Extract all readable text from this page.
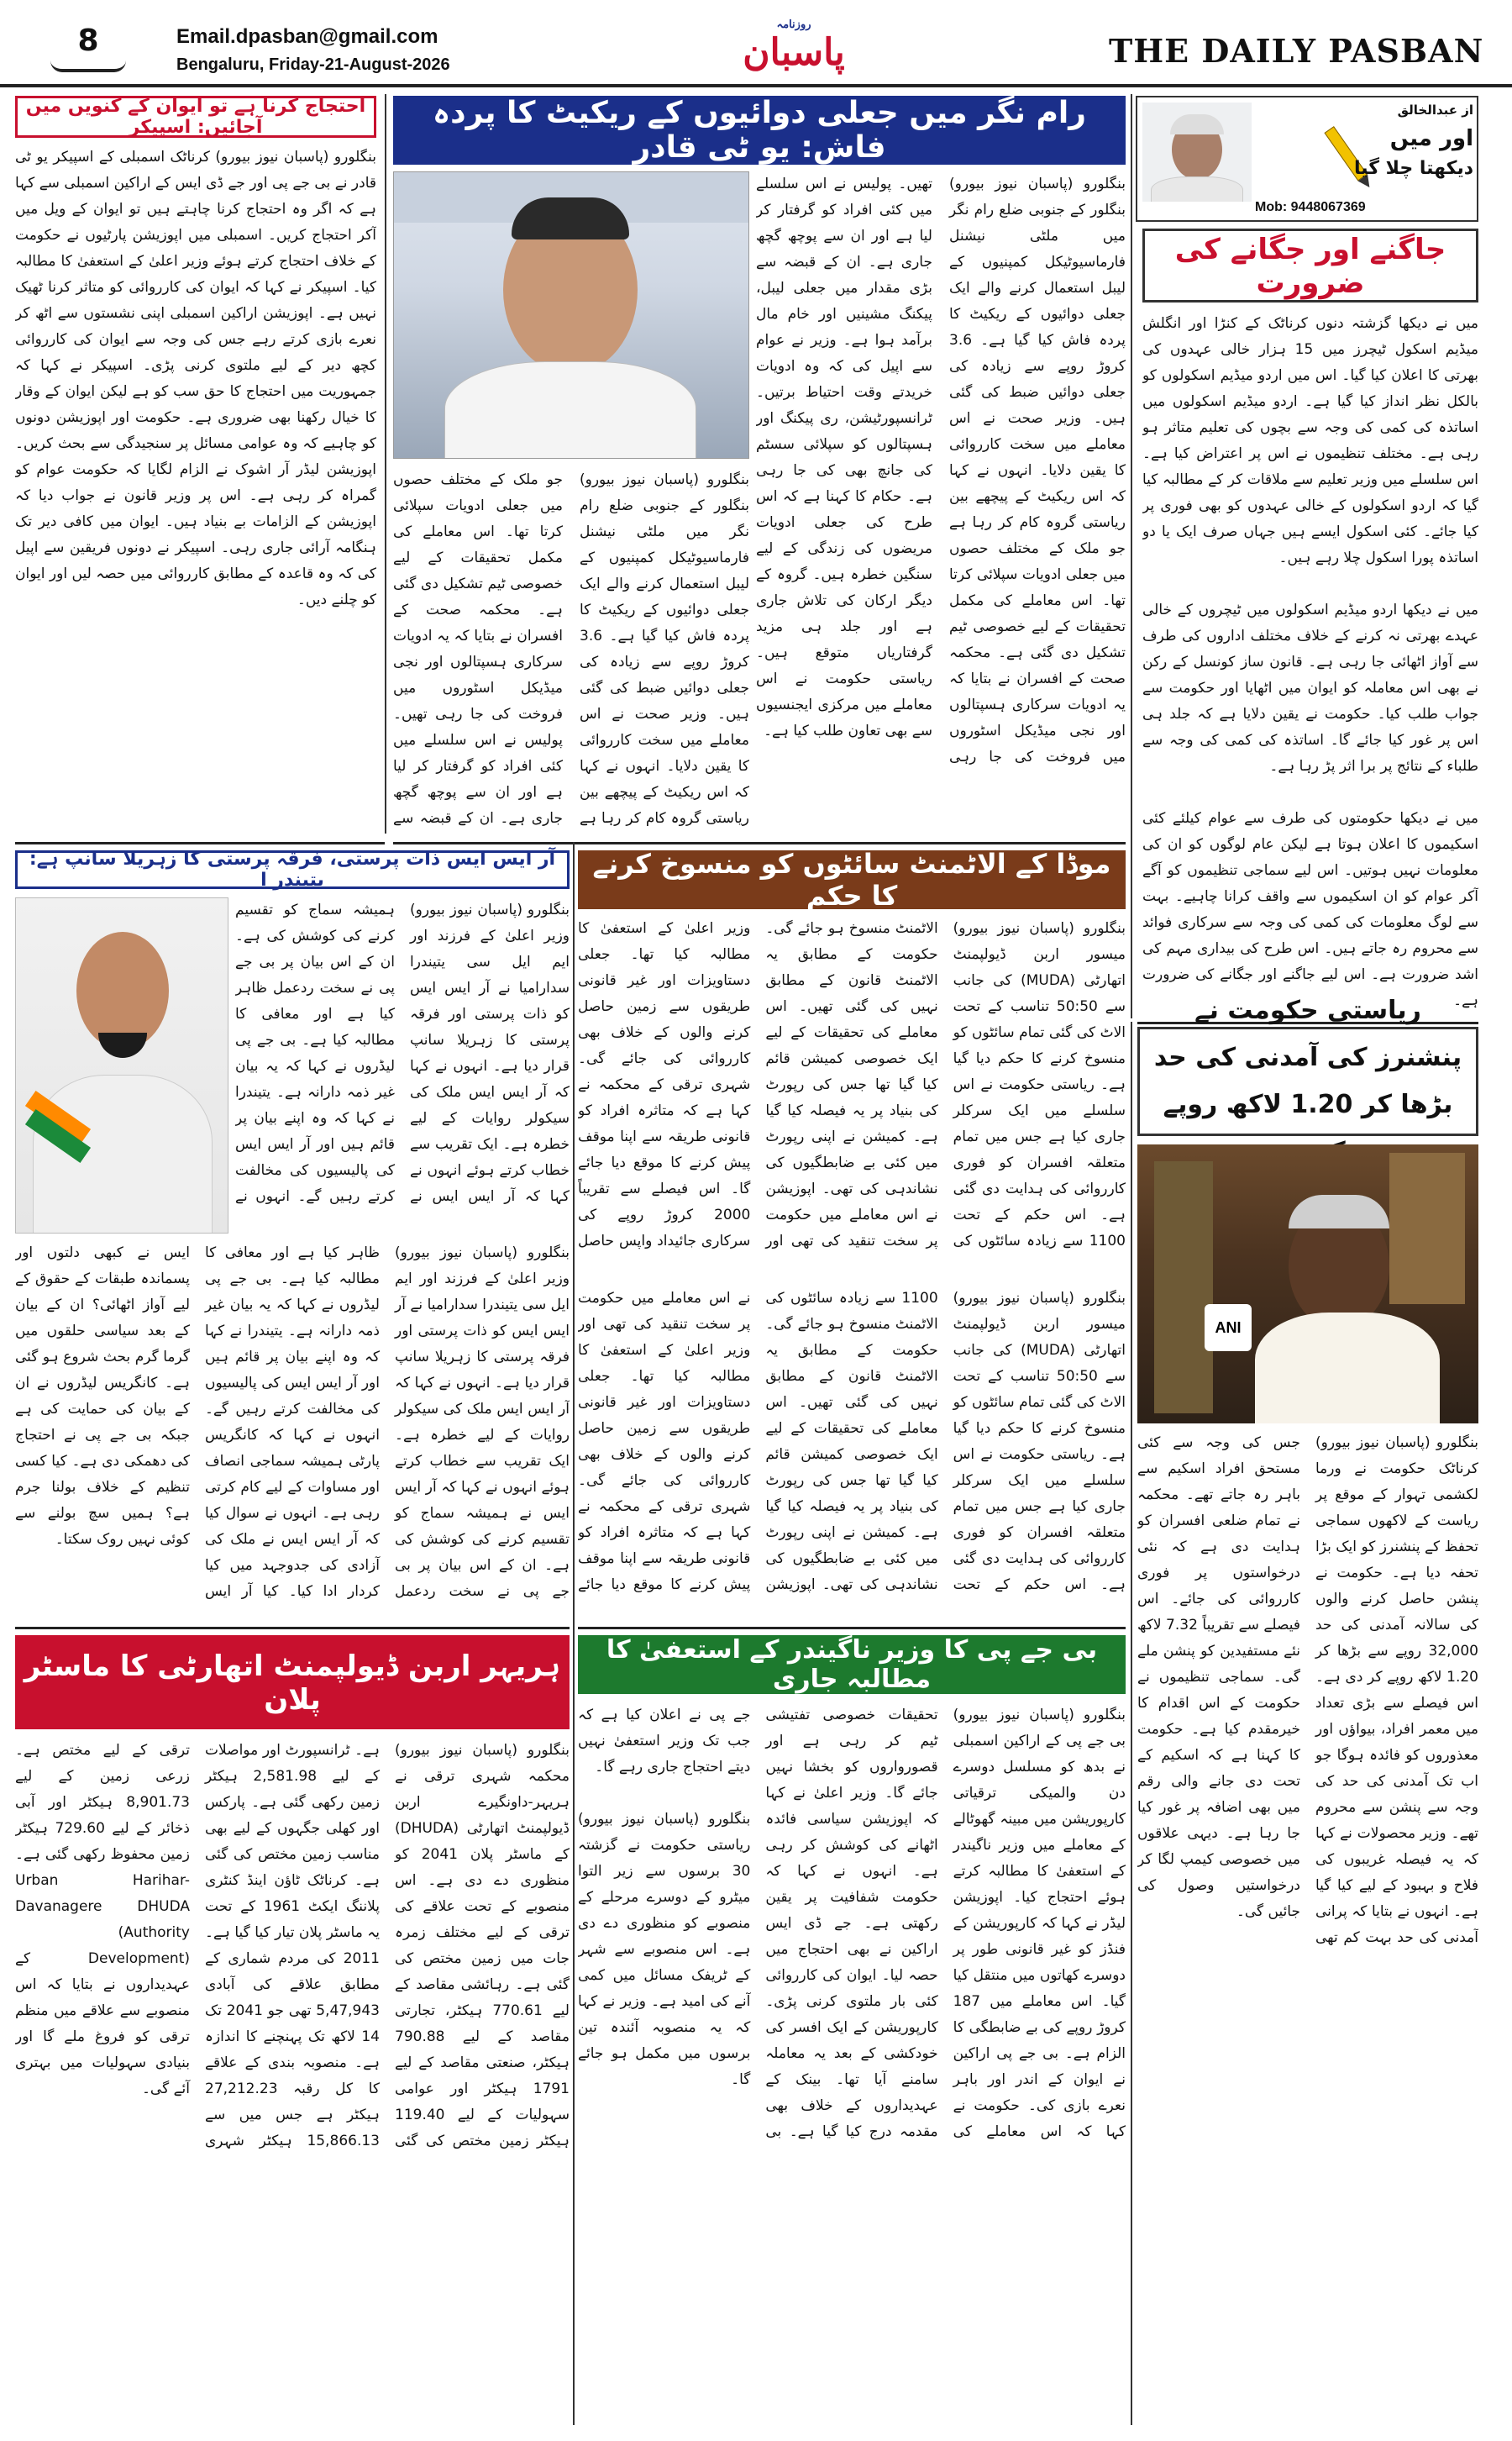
8	Email.dpasban@gmail.com
Bengaluru, Friday-21-August-2026
روزنامہ
پاسبان	THE DAILY PASBAN
از عبدالخالق
اور میں
دیکھتا چلا گیا
Mob: 9448067369
احتجاج کرنا ہے تو ایوان کے کنویں میں آجائیں: اسپیکر
بنگلورو (پاسبان نیوز بیورو) کرناٹک اسمبلی کے اسپیکر یو ٹی قادر نے بی جے پی اور جے ڈی ایس کے اراکین اسمبلی سے کہا ہے کہ اگر وہ احتجاج کرنا چاہتے ہیں تو ایوان کے ویل میں آکر احتجاج کریں۔ اسمبلی میں اپوزیشن پارٹیوں نے حکومت کے خلاف احتجاج کرتے ہوئے وزیر اعلیٰ کے استعفیٰ کا مطالبہ کیا۔ اسپیکر نے کہا کہ ایوان کی کارروائی کو متاثر کرنا ٹھیک نہیں ہے۔ اپوزیشن اراکین اسمبلی اپنی نشستوں سے اٹھ کر نعرے بازی کرتے رہے جس کی وجہ سے ایوان کی کارروائی کچھ دیر کے لیے ملتوی کرنی پڑی۔ اسپیکر نے کہا کہ جمہوریت میں احتجاج کا حق سب کو ہے لیکن ایوان کے وقار کا خیال رکھنا بھی ضروری ہے۔ حکومت اور اپوزیشن دونوں کو چاہیے کہ وہ عوامی مسائل پر سنجیدگی سے بحث کریں۔ اپوزیشن لیڈر آر اشوک نے الزام لگایا کہ حکومت عوام کو گمراہ کر رہی ہے۔ اس پر وزیر قانون نے جواب دیا کہ اپوزیشن کے الزامات بے بنیاد ہیں۔ ایوان میں کافی دیر تک ہنگامہ آرائی جاری رہی۔ اسپیکر نے دونوں فریقین سے اپیل کی کہ وہ قاعدہ کے مطابق کارروائی میں حصہ لیں اور ایوان کو چلنے دیں۔
رام نگر میں جعلی دوائیوں کے ریکیٹ کا پردہ فاش: یو ٹی قادر
بنگلورو (پاسبان نیوز بیورو) بنگلور کے جنوبی ضلع رام نگر میں ملٹی نیشنل فارماسیوٹیکل کمپنیوں کے لیبل استعمال کرنے والے ایک جعلی دوائیوں کے ریکیٹ کا پردہ فاش کیا گیا ہے۔ 3.6 کروڑ روپے سے زیادہ کی جعلی دوائیں ضبط کی گئی ہیں۔ وزیر صحت نے اس معاملے میں سخت کارروائی کا یقین دلایا۔ انہوں نے کہا کہ اس ریکیٹ کے پیچھے بین ریاستی گروہ کام کر رہا ہے جو ملک کے مختلف حصوں میں جعلی ادویات سپلائی کرتا تھا۔ اس معاملے کی مکمل تحقیقات کے لیے خصوصی ٹیم تشکیل دی گئی ہے۔ محکمہ صحت کے افسران نے بتایا کہ یہ ادویات سرکاری ہسپتالوں اور نجی میڈیکل اسٹوروں میں فروخت کی جا رہی تھیں۔ پولیس نے اس سلسلے میں کئی افراد کو گرفتار کر لیا ہے اور ان سے پوچھ گچھ جاری ہے۔ ان کے قبضہ سے بڑی مقدار میں جعلی لیبل، پیکنگ مشینیں اور خام مال برآمد ہوا ہے۔ وزیر نے عوام سے اپیل کی کہ وہ ادویات خریدتے وقت احتیاط برتیں۔ ٹرانسپورٹیشن، ری پیکنگ اور ہسپتالوں کو سپلائی سسٹم کی جانچ بھی کی جا رہی ہے۔ حکام کا کہنا ہے کہ اس طرح کی جعلی ادویات مریضوں کی زندگی کے لیے سنگین خطرہ ہیں۔ گروہ کے دیگر ارکان کی تلاش جاری ہے اور جلد ہی مزید گرفتاریاں متوقع ہیں۔ ریاستی حکومت نے اس معاملے میں مرکزی ایجنسیوں سے بھی تعاون طلب کیا ہے۔
بنگلورو (پاسبان نیوز بیورو) بنگلور کے جنوبی ضلع رام نگر میں ملٹی نیشنل فارماسیوٹیکل کمپنیوں کے لیبل استعمال کرنے والے ایک جعلی دوائیوں کے ریکیٹ کا پردہ فاش کیا گیا ہے۔ 3.6 کروڑ روپے سے زیادہ کی جعلی دوائیں ضبط کی گئی ہیں۔ وزیر صحت نے اس معاملے میں سخت کارروائی کا یقین دلایا۔ انہوں نے کہا کہ اس ریکیٹ کے پیچھے بین ریاستی گروہ کام کر رہا ہے جو ملک کے مختلف حصوں میں جعلی ادویات سپلائی کرتا تھا۔ اس معاملے کی مکمل تحقیقات کے لیے خصوصی ٹیم تشکیل دی گئی ہے۔ محکمہ صحت کے افسران نے بتایا کہ یہ ادویات سرکاری ہسپتالوں اور نجی میڈیکل اسٹوروں میں فروخت کی جا رہی تھیں۔ پولیس نے اس سلسلے میں کئی افراد کو گرفتار کر لیا ہے اور ان سے پوچھ گچھ جاری ہے۔ ان کے قبضہ سے
جاگنے اور جگانے کی ضرورت
میں نے دیکھا گزشتہ دنوں کرناٹک کے کنڑا اور انگلش میڈیم اسکول ٹیچرز میں 15 ہزار خالی عہدوں کی بھرتی کا اعلان کیا گیا۔ اس میں اردو میڈیم اسکولوں کو بالکل نظر انداز کیا گیا ہے۔ اردو میڈیم اسکولوں میں اساتذہ کی کمی کی وجہ سے بچوں کی تعلیم متاثر ہو رہی ہے۔ مختلف تنظیموں نے اس پر اعتراض کیا ہے۔ اس سلسلے میں وزیر تعلیم سے ملاقات کر کے مطالبہ کیا گیا کہ اردو اسکولوں کے خالی عہدوں کو بھی فوری پر کیا جائے۔ کئی اسکول ایسے ہیں جہاں صرف ایک یا دو اساتذہ پورا اسکول چلا رہے ہیں۔

میں نے دیکھا اردو میڈیم اسکولوں میں ٹیچروں کے خالی عہدے بھرتی نہ کرنے کے خلاف مختلف اداروں کی طرف سے آواز اٹھائی جا رہی ہے۔ قانون ساز کونسل کے رکن نے بھی اس معاملہ کو ایوان میں اٹھایا اور حکومت سے جواب طلب کیا۔ حکومت نے یقین دلایا ہے کہ جلد ہی اس پر غور کیا جائے گا۔ اساتذہ کی کمی کی وجہ سے طلباء کے نتائج پر برا اثر پڑ رہا ہے۔

میں نے دیکھا حکومتوں کی طرف سے عوام کیلئے کئی اسکیموں کا اعلان ہوتا ہے لیکن عام لوگوں کو ان کی معلومات نہیں ہوتیں۔ اس لیے سماجی تنظیموں کو آگے آکر عوام کو ان اسکیموں سے واقف کرانا چاہیے۔ بہت سے لوگ معلومات کی کمی کی وجہ سے سرکاری فوائد سے محروم رہ جاتے ہیں۔ اس طرح کی بیداری مہم کی اشد ضرورت ہے۔ اس لیے جاگنے اور جگانے کی ضرورت ہے۔
موڈا کے الاٹمنٹ سائٹوں کو منسوخ کرنے کا حکم
بنگلورو (پاسبان نیوز بیورو) میسور اربن ڈیولپمنٹ اتھارٹی (MUDA) کی جانب سے 50:50 تناسب کے تحت الاٹ کی گئی تمام سائٹوں کو منسوخ کرنے کا حکم دیا گیا ہے۔ ریاستی حکومت نے اس سلسلے میں ایک سرکلر جاری کیا ہے جس میں تمام متعلقہ افسران کو فوری کارروائی کی ہدایت دی گئی ہے۔ اس حکم کے تحت 1100 سے زیادہ سائٹوں کی الاٹمنٹ منسوخ ہو جائے گی۔ حکومت کے مطابق یہ الاٹمنٹ قانون کے مطابق نہیں کی گئی تھیں۔ اس معاملے کی تحقیقات کے لیے ایک خصوصی کمیشن قائم کیا گیا تھا جس کی رپورٹ کی بنیاد پر یہ فیصلہ کیا گیا ہے۔ کمیشن نے اپنی رپورٹ میں کئی بے ضابطگیوں کی نشاندہی کی تھی۔ اپوزیشن نے اس معاملے میں حکومت پر سخت تنقید کی تھی اور وزیر اعلیٰ کے استعفیٰ کا مطالبہ کیا تھا۔ جعلی دستاویزات اور غیر قانونی طریقوں سے زمین حاصل کرنے والوں کے خلاف بھی کارروائی کی جائے گی۔ شہری ترقی کے محکمہ نے کہا ہے کہ متاثرہ افراد کو قانونی طریقہ سے اپنا موقف پیش کرنے کا موقع دیا جائے گا۔ اس فیصلے سے تقریباً 2000 کروڑ روپے کی سرکاری جائیداد واپس حاصل
بنگلورو (پاسبان نیوز بیورو) میسور اربن ڈیولپمنٹ اتھارٹی (MUDA) کی جانب سے 50:50 تناسب کے تحت الاٹ کی گئی تمام سائٹوں کو منسوخ کرنے کا حکم دیا گیا ہے۔ ریاستی حکومت نے اس سلسلے میں ایک سرکلر جاری کیا ہے جس میں تمام متعلقہ افسران کو فوری کارروائی کی ہدایت دی گئی ہے۔ اس حکم کے تحت 1100 سے زیادہ سائٹوں کی الاٹمنٹ منسوخ ہو جائے گی۔ حکومت کے مطابق یہ الاٹمنٹ قانون کے مطابق نہیں کی گئی تھیں۔ اس معاملے کی تحقیقات کے لیے ایک خصوصی کمیشن قائم کیا گیا تھا جس کی رپورٹ کی بنیاد پر یہ فیصلہ کیا گیا ہے۔ کمیشن نے اپنی رپورٹ میں کئی بے ضابطگیوں کی نشاندہی کی تھی۔ اپوزیشن نے اس معاملے میں حکومت پر سخت تنقید کی تھی اور وزیر اعلیٰ کے استعفیٰ کا مطالبہ کیا تھا۔ جعلی دستاویزات اور غیر قانونی طریقوں سے زمین حاصل کرنے والوں کے خلاف بھی کارروائی کی جائے گی۔ شہری ترقی کے محکمہ نے کہا ہے کہ متاثرہ افراد کو قانونی طریقہ سے اپنا موقف پیش کرنے کا موقع دیا جائے
آر ایس ایس ذات پرستی، فرقہ پرستی کا زہریلا سانپ ہے: یتیندر ا
بنگلورو (پاسبان نیوز بیورو) وزیر اعلیٰ کے فرزند اور ایم ایل سی یتیندرا سدارامیا نے آر ایس ایس کو ذات پرستی اور فرقہ پرستی کا زہریلا سانپ قرار دیا ہے۔ انہوں نے کہا کہ آر ایس ایس ملک کی سیکولر روایات کے لیے خطرہ ہے۔ ایک تقریب سے خطاب کرتے ہوئے انہوں نے کہا کہ آر ایس ایس نے ہمیشہ سماج کو تقسیم کرنے کی کوشش کی ہے۔ ان کے اس بیان پر بی جے پی نے سخت ردعمل ظاہر کیا ہے اور معافی کا مطالبہ کیا ہے۔ بی جے پی لیڈروں نے کہا کہ یہ بیان غیر ذمہ دارانہ ہے۔ یتیندرا نے کہا کہ وہ اپنے بیان پر قائم ہیں اور آر ایس ایس کی پالیسیوں کی مخالفت کرتے رہیں گے۔ انہوں نے
بنگلورو (پاسبان نیوز بیورو) وزیر اعلیٰ کے فرزند اور ایم ایل سی یتیندرا سدارامیا نے آر ایس ایس کو ذات پرستی اور فرقہ پرستی کا زہریلا سانپ قرار دیا ہے۔ انہوں نے کہا کہ آر ایس ایس ملک کی سیکولر روایات کے لیے خطرہ ہے۔ ایک تقریب سے خطاب کرتے ہوئے انہوں نے کہا کہ آر ایس ایس نے ہمیشہ سماج کو تقسیم کرنے کی کوشش کی ہے۔ ان کے اس بیان پر بی جے پی نے سخت ردعمل ظاہر کیا ہے اور معافی کا مطالبہ کیا ہے۔ بی جے پی لیڈروں نے کہا کہ یہ بیان غیر ذمہ دارانہ ہے۔ یتیندرا نے کہا کہ وہ اپنے بیان پر قائم ہیں اور آر ایس ایس کی پالیسیوں کی مخالفت کرتے رہیں گے۔ انہوں نے کہا کہ کانگریس پارٹی ہمیشہ سماجی انصاف اور مساوات کے لیے کام کرتی رہی ہے۔ انہوں نے سوال کیا کہ آر ایس ایس نے ملک کی آزادی کی جدوجہد میں کیا کردار ادا کیا۔ کیا آر ایس ایس نے کبھی دلتوں اور پسماندہ طبقات کے حقوق کے لیے آواز اٹھائی؟ ان کے بیان کے بعد سیاسی حلقوں میں گرما گرم بحث شروع ہو گئی ہے۔ کانگریس لیڈروں نے ان کے بیان کی حمایت کی ہے جبکہ بی جے پی نے احتجاج کی دھمکی دی ہے۔ کیا کسی تنظیم کے خلاف بولنا جرم ہے؟ ہمیں سچ بولنے سے کوئی نہیں روک سکتا۔
ریاستی حکومت نے پنشنرز کی آمدنی کی حد بڑھا کر 1.20 لاکھ روپے
ANI
بنگلورو (پاسبان نیوز بیورو) کرناٹک حکومت نے ورما لکشمی تہوار کے موقع پر ریاست کے لاکھوں سماجی تحفظ کے پنشنرز کو ایک بڑا تحفہ دیا ہے۔ حکومت نے پنشن حاصل کرنے والوں کی سالانہ آمدنی کی حد 32,000 روپے سے بڑھا کر 1.20 لاکھ روپے کر دی ہے۔ اس فیصلے سے بڑی تعداد میں معمر افراد، بیواؤں اور معذوروں کو فائدہ ہوگا جو اب تک آمدنی کی حد کی وجہ سے پنشن سے محروم تھے۔ وزیر محصولات نے کہا کہ یہ فیصلہ غریبوں کی فلاح و بہبود کے لیے کیا گیا ہے۔ انہوں نے بتایا کہ پرانی آمدنی کی حد بہت کم تھی جس کی وجہ سے کئی مستحق افراد اسکیم سے باہر رہ جاتے تھے۔ محکمہ نے تمام ضلعی افسران کو ہدایت دی ہے کہ نئی درخواستوں پر فوری کارروائی کی جائے۔ اس فیصلے سے تقریباً 7.32 لاکھ نئے مستفیدین کو پنشن ملے گی۔ سماجی تنظیموں نے حکومت کے اس اقدام کا خیرمقدم کیا ہے۔ حکومت کا کہنا ہے کہ اسکیم کے تحت دی جانے والی رقم میں بھی اضافہ پر غور کیا جا رہا ہے۔ دیہی علاقوں میں خصوصی کیمپ لگا کر درخواستیں وصول کی جائیں گی۔
بی جے پی کا وزیر ناگیندر کے استعفیٰ کا مطالبہ جاری
بنگلورو (پاسبان نیوز بیورو) بی جے پی کے اراکین اسمبلی نے بدھ کو مسلسل دوسرے دن والمیکی ترقیاتی کارپوریشن میں مبینہ گھوٹالے کے معاملے میں وزیر ناگیندر کے استعفیٰ کا مطالبہ کرتے ہوئے احتجاج کیا۔ اپوزیشن لیڈر نے کہا کہ کارپوریشن کے فنڈز کو غیر قانونی طور پر دوسرے کھاتوں میں منتقل کیا گیا۔ اس معاملے میں 187 کروڑ روپے کی بے ضابطگی کا الزام ہے۔ بی جے پی اراکین نے ایوان کے اندر اور باہر نعرے بازی کی۔ حکومت نے کہا کہ اس معاملے کی تحقیقات خصوصی تفتیشی ٹیم کر رہی ہے اور قصورواروں کو بخشا نہیں جائے گا۔ وزیر اعلیٰ نے کہا کہ اپوزیشن سیاسی فائدہ اٹھانے کی کوشش کر رہی ہے۔ انہوں نے کہا کہ حکومت شفافیت پر یقین رکھتی ہے۔ جے ڈی ایس اراکین نے بھی احتجاج میں حصہ لیا۔ ایوان کی کارروائی کئی بار ملتوی کرنی پڑی۔ کارپوریشن کے ایک افسر کی خودکشی کے بعد یہ معاملہ سامنے آیا تھا۔ بینک کے عہدیداروں کے خلاف بھی مقدمہ درج کیا گیا ہے۔ بی جے پی نے اعلان کیا ہے کہ جب تک وزیر استعفیٰ نہیں دیتے احتجاج جاری رہے گا۔

بنگلورو (پاسبان نیوز بیورو) ریاستی حکومت نے گزشتہ 30 برسوں سے زیر التوا میٹرو کے دوسرے مرحلے کے منصوبے کو منظوری دے دی ہے۔ اس منصوبے سے شہر کے ٹریفک مسائل میں کمی آنے کی امید ہے۔ وزیر نے کہا کہ یہ منصوبہ آئندہ تین برسوں میں مکمل ہو جائے گا۔
ہریہر اربن ڈیولپمنٹ اتھارٹی کا ماسٹر پلان
بنگلورو (پاسبان نیوز بیورو) محکمہ شہری ترقی نے ہریہر-داونگیرے اربن ڈیولپمنٹ اتھارٹی (DHUDA) کے ماسٹر پلان 2041 کو منظوری دے دی ہے۔ اس منصوبے کے تحت علاقے کی ترقی کے لیے مختلف زمرہ جات میں زمین مختص کی گئی ہے۔ رہائشی مقاصد کے لیے 770.61 ہیکٹر، تجارتی مقاصد کے لیے 790.88 ہیکٹر، صنعتی مقاصد کے لیے 1791 ہیکٹر اور عوامی سہولیات کے لیے 119.40 ہیکٹر زمین مختص کی گئی ہے۔ ٹرانسپورٹ اور مواصلات کے لیے 2,581.98 ہیکٹر زمین رکھی گئی ہے۔ پارکس اور کھلی جگہوں کے لیے بھی مناسب زمین مختص کی گئی ہے۔ کرناٹک ٹاؤن اینڈ کنٹری پلاننگ ایکٹ 1961 کے تحت یہ ماسٹر پلان تیار کیا گیا ہے۔ 2011 کی مردم شماری کے مطابق علاقے کی آبادی 5,47,943 تھی جو 2041 تک 14 لاکھ تک پہنچنے کا اندازہ ہے۔ منصوبہ بندی کے علاقے کا کل رقبہ 27,212.23 ہیکٹر ہے جس میں سے 15,866.13 ہیکٹر شہری ترقی کے لیے مختص ہے۔ زرعی زمین کے لیے 8,901.73 ہیکٹر اور آبی ذخائر کے لیے 729.60 ہیکٹر زمین محفوظ رکھی گئی ہے۔ Urban Harihar-Davanagere DHUDA (Authority Development) کے عہدیداروں نے بتایا کہ اس منصوبے سے علاقے میں منظم ترقی کو فروغ ملے گا اور بنیادی سہولیات میں بہتری آئے گی۔
